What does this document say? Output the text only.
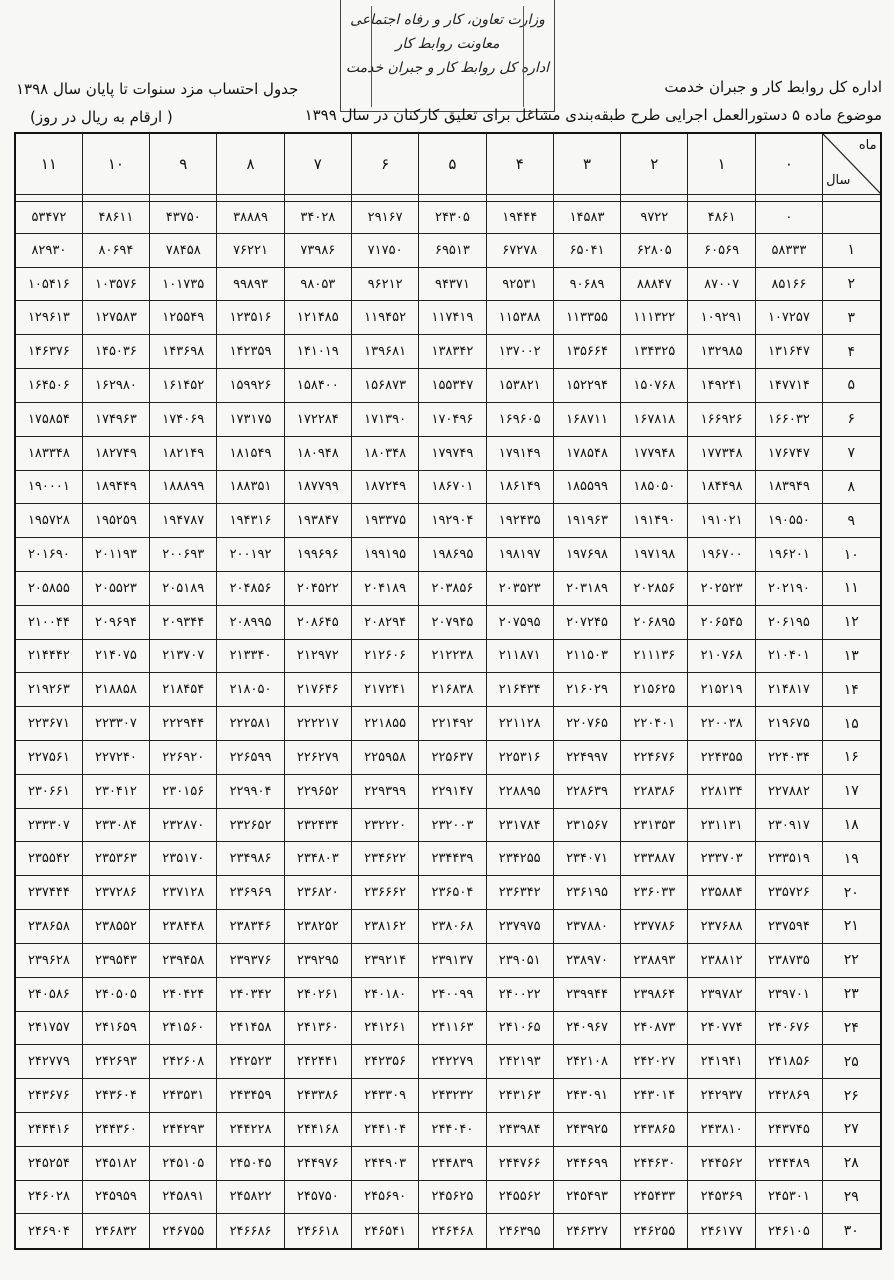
وزارت تعاون، کار و رفاه اجتماعی
معاونت روابط کار
اداره کل روابط کار و جبران خدمت
اداره کل روابط کار و جبران خدمت
جدول احتساب مزد سنوات تا پایان سال ۱۳۹۸
موضوع ماده ۵ دستورالعمل اجرایی طرح طبقه‌بندی مشاغل برای تعلیق کارکنان در سال ۱۳۹۹
( ارقام به ریال در روز)
ماه
سال	۰	۱	۲	۳	۴	۵	۶	۷	۸	۹	۱۰	۱۱

	۰	۴۸۶۱	۹۷۲۲	۱۴۵۸۳	۱۹۴۴۴	۲۴۳۰۵	۲۹۱۶۷	۳۴۰۲۸	۳۸۸۸۹	۴۳۷۵۰	۴۸۶۱۱	۵۳۴۷۲
۱	۵۸۳۳۳	۶۰۵۶۹	۶۲۸۰۵	۶۵۰۴۱	۶۷۲۷۸	۶۹۵۱۳	۷۱۷۵۰	۷۳۹۸۶	۷۶۲۲۱	۷۸۴۵۸	۸۰۶۹۴	۸۲۹۳۰
۲	۸۵۱۶۶	۸۷۰۰۷	۸۸۸۴۷	۹۰۶۸۹	۹۲۵۳۱	۹۴۳۷۱	۹۶۲۱۲	۹۸۰۵۳	۹۹۸۹۳	۱۰۱۷۳۵	۱۰۳۵۷۶	۱۰۵۴۱۶
۳	۱۰۷۲۵۷	۱۰۹۲۹۱	۱۱۱۳۲۲	۱۱۳۳۵۵	۱۱۵۳۸۸	۱۱۷۴۱۹	۱۱۹۴۵۲	۱۲۱۴۸۵	۱۲۳۵۱۶	۱۲۵۵۴۹	۱۲۷۵۸۳	۱۲۹۶۱۳
۴	۱۳۱۶۴۷	۱۳۲۹۸۵	۱۳۴۳۲۵	۱۳۵۶۶۴	۱۳۷۰۰۲	۱۳۸۳۴۲	۱۳۹۶۸۱	۱۴۱۰۱۹	۱۴۲۳۵۹	۱۴۳۶۹۸	۱۴۵۰۳۶	۱۴۶۳۷۶
۵	۱۴۷۷۱۴	۱۴۹۲۴۱	۱۵۰۷۶۸	۱۵۲۲۹۴	۱۵۳۸۲۱	۱۵۵۳۴۷	۱۵۶۸۷۳	۱۵۸۴۰۰	۱۵۹۹۲۶	۱۶۱۴۵۲	۱۶۲۹۸۰	۱۶۴۵۰۶
۶	۱۶۶۰۳۲	۱۶۶۹۲۶	۱۶۷۸۱۸	۱۶۸۷۱۱	۱۶۹۶۰۵	۱۷۰۴۹۶	۱۷۱۳۹۰	۱۷۲۲۸۴	۱۷۳۱۷۵	۱۷۴۰۶۹	۱۷۴۹۶۳	۱۷۵۸۵۴
۷	۱۷۶۷۴۷	۱۷۷۳۴۸	۱۷۷۹۴۸	۱۷۸۵۴۸	۱۷۹۱۴۹	۱۷۹۷۴۹	۱۸۰۳۴۸	۱۸۰۹۴۸	۱۸۱۵۴۹	۱۸۲۱۴۹	۱۸۲۷۴۹	۱۸۳۳۴۸
۸	۱۸۳۹۴۹	۱۸۴۴۹۸	۱۸۵۰۵۰	۱۸۵۵۹۹	۱۸۶۱۴۹	۱۸۶۷۰۱	۱۸۷۲۴۹	۱۸۷۷۹۹	۱۸۸۳۵۱	۱۸۸۸۹۹	۱۸۹۴۴۹	۱۹۰۰۰۱
۹	۱۹۰۵۵۰	۱۹۱۰۲۱	۱۹۱۴۹۰	۱۹۱۹۶۳	۱۹۲۴۳۵	۱۹۲۹۰۴	۱۹۳۳۷۵	۱۹۳۸۴۷	۱۹۴۳۱۶	۱۹۴۷۸۷	۱۹۵۲۵۹	۱۹۵۷۲۸
۱۰	۱۹۶۲۰۱	۱۹۶۷۰۰	۱۹۷۱۹۸	۱۹۷۶۹۸	۱۹۸۱۹۷	۱۹۸۶۹۵	۱۹۹۱۹۵	۱۹۹۶۹۶	۲۰۰۱۹۲	۲۰۰۶۹۳	۲۰۱۱۹۳	۲۰۱۶۹۰
۱۱	۲۰۲۱۹۰	۲۰۲۵۲۳	۲۰۲۸۵۶	۲۰۳۱۸۹	۲۰۳۵۲۳	۲۰۳۸۵۶	۲۰۴۱۸۹	۲۰۴۵۲۲	۲۰۴۸۵۶	۲۰۵۱۸۹	۲۰۵۵۲۳	۲۰۵۸۵۵
۱۲	۲۰۶۱۹۵	۲۰۶۵۴۵	۲۰۶۸۹۵	۲۰۷۲۴۵	۲۰۷۵۹۵	۲۰۷۹۴۵	۲۰۸۲۹۴	۲۰۸۶۴۵	۲۰۸۹۹۵	۲۰۹۳۴۴	۲۰۹۶۹۴	۲۱۰۰۴۴
۱۳	۲۱۰۴۰۱	۲۱۰۷۶۸	۲۱۱۱۳۶	۲۱۱۵۰۳	۲۱۱۸۷۱	۲۱۲۲۳۸	۲۱۲۶۰۶	۲۱۲۹۷۲	۲۱۳۳۴۰	۲۱۳۷۰۷	۲۱۴۰۷۵	۲۱۴۴۴۲
۱۴	۲۱۴۸۱۷	۲۱۵۲۱۹	۲۱۵۶۲۵	۲۱۶۰۲۹	۲۱۶۴۳۴	۲۱۶۸۳۸	۲۱۷۲۴۱	۲۱۷۶۴۶	۲۱۸۰۵۰	۲۱۸۴۵۴	۲۱۸۸۵۸	۲۱۹۲۶۳
۱۵	۲۱۹۶۷۵	۲۲۰۰۳۸	۲۲۰۴۰۱	۲۲۰۷۶۵	۲۲۱۱۲۸	۲۲۱۴۹۲	۲۲۱۸۵۵	۲۲۲۲۱۷	۲۲۲۵۸۱	۲۲۲۹۴۴	۲۲۳۳۰۷	۲۲۳۶۷۱
۱۶	۲۲۴۰۳۴	۲۲۴۳۵۵	۲۲۴۶۷۶	۲۲۴۹۹۷	۲۲۵۳۱۶	۲۲۵۶۳۷	۲۲۵۹۵۸	۲۲۶۲۷۹	۲۲۶۵۹۹	۲۲۶۹۲۰	۲۲۷۲۴۰	۲۲۷۵۶۱
۱۷	۲۲۷۸۸۲	۲۲۸۱۳۴	۲۲۸۳۸۶	۲۲۸۶۳۹	۲۲۸۸۹۵	۲۲۹۱۴۷	۲۲۹۳۹۹	۲۲۹۶۵۲	۲۲۹۹۰۴	۲۳۰۱۵۶	۲۳۰۴۱۲	۲۳۰۶۶۱
۱۸	۲۳۰۹۱۷	۲۳۱۱۳۱	۲۳۱۳۵۳	۲۳۱۵۶۷	۲۳۱۷۸۴	۲۳۲۰۰۳	۲۳۲۲۲۰	۲۳۲۴۳۴	۲۳۲۶۵۲	۲۳۲۸۷۰	۲۳۳۰۸۴	۲۳۳۳۰۷
۱۹	۲۳۳۵۱۹	۲۳۳۷۰۳	۲۳۳۸۸۷	۲۳۴۰۷۱	۲۳۴۲۵۵	۲۳۴۴۳۹	۲۳۴۶۲۲	۲۳۴۸۰۳	۲۳۴۹۸۶	۲۳۵۱۷۰	۲۳۵۳۶۳	۲۳۵۵۴۲
۲۰	۲۳۵۷۲۶	۲۳۵۸۸۴	۲۳۶۰۳۳	۲۳۶۱۹۵	۲۳۶۳۴۲	۲۳۶۵۰۴	۲۳۶۶۶۲	۲۳۶۸۲۰	۲۳۶۹۶۹	۲۳۷۱۲۸	۲۳۷۲۸۶	۲۳۷۴۴۴
۲۱	۲۳۷۵۹۴	۲۳۷۶۸۸	۲۳۷۷۸۶	۲۳۷۸۸۰	۲۳۷۹۷۵	۲۳۸۰۶۸	۲۳۸۱۶۲	۲۳۸۲۵۲	۲۳۸۳۴۶	۲۳۸۴۴۸	۲۳۸۵۵۲	۲۳۸۶۵۸
۲۲	۲۳۸۷۳۵	۲۳۸۸۱۲	۲۳۸۸۹۳	۲۳۸۹۷۰	۲۳۹۰۵۱	۲۳۹۱۳۷	۲۳۹۲۱۴	۲۳۹۲۹۵	۲۳۹۳۷۶	۲۳۹۴۵۸	۲۳۹۵۴۳	۲۳۹۶۲۸
۲۳	۲۳۹۷۰۱	۲۳۹۷۸۲	۲۳۹۸۶۴	۲۳۹۹۴۴	۲۴۰۰۲۲	۲۴۰۰۹۹	۲۴۰۱۸۰	۲۴۰۲۶۱	۲۴۰۳۴۲	۲۴۰۴۲۴	۲۴۰۵۰۵	۲۴۰۵۸۶
۲۴	۲۴۰۶۷۶	۲۴۰۷۷۴	۲۴۰۸۷۳	۲۴۰۹۶۷	۲۴۱۰۶۵	۲۴۱۱۶۳	۲۴۱۲۶۱	۲۴۱۳۶۰	۲۴۱۴۵۸	۲۴۱۵۶۰	۲۴۱۶۵۹	۲۴۱۷۵۷
۲۵	۲۴۱۸۵۶	۲۴۱۹۴۱	۲۴۲۰۲۷	۲۴۲۱۰۸	۲۴۲۱۹۳	۲۴۲۲۷۹	۲۴۲۳۵۶	۲۴۲۴۴۱	۲۴۲۵۲۳	۲۴۲۶۰۸	۲۴۲۶۹۳	۲۴۲۷۷۹
۲۶	۲۴۲۸۶۹	۲۴۲۹۳۷	۲۴۳۰۱۴	۲۴۳۰۹۱	۲۴۳۱۶۳	۲۴۳۲۳۲	۲۴۳۳۰۹	۲۴۳۳۸۶	۲۴۳۴۵۹	۲۴۳۵۳۱	۲۴۳۶۰۴	۲۴۳۶۷۶
۲۷	۲۴۳۷۴۵	۲۴۳۸۱۰	۲۴۳۸۶۵	۲۴۳۹۲۵	۲۴۳۹۸۴	۲۴۴۰۴۰	۲۴۴۱۰۴	۲۴۴۱۶۸	۲۴۴۲۲۸	۲۴۴۲۹۳	۲۴۴۳۶۰	۲۴۴۴۱۶
۲۸	۲۴۴۴۸۹	۲۴۴۵۶۲	۲۴۴۶۳۰	۲۴۴۶۹۹	۲۴۴۷۶۶	۲۴۴۸۳۹	۲۴۴۹۰۳	۲۴۴۹۷۶	۲۴۵۰۴۵	۲۴۵۱۰۵	۲۴۵۱۸۲	۲۴۵۲۵۴
۲۹	۲۴۵۳۰۱	۲۴۵۳۶۹	۲۴۵۴۳۳	۲۴۵۴۹۳	۲۴۵۵۶۲	۲۴۵۶۲۵	۲۴۵۶۹۰	۲۴۵۷۵۰	۲۴۵۸۲۲	۲۴۵۸۹۱	۲۴۵۹۵۹	۲۴۶۰۲۸
۳۰	۲۴۶۱۰۵	۲۴۶۱۷۷	۲۴۶۲۵۵	۲۴۶۳۲۷	۲۴۶۳۹۵	۲۴۶۴۶۸	۲۴۶۵۴۱	۲۴۶۶۱۸	۲۴۶۶۸۶	۲۴۶۷۵۵	۲۴۶۸۳۲	۲۴۶۹۰۴
